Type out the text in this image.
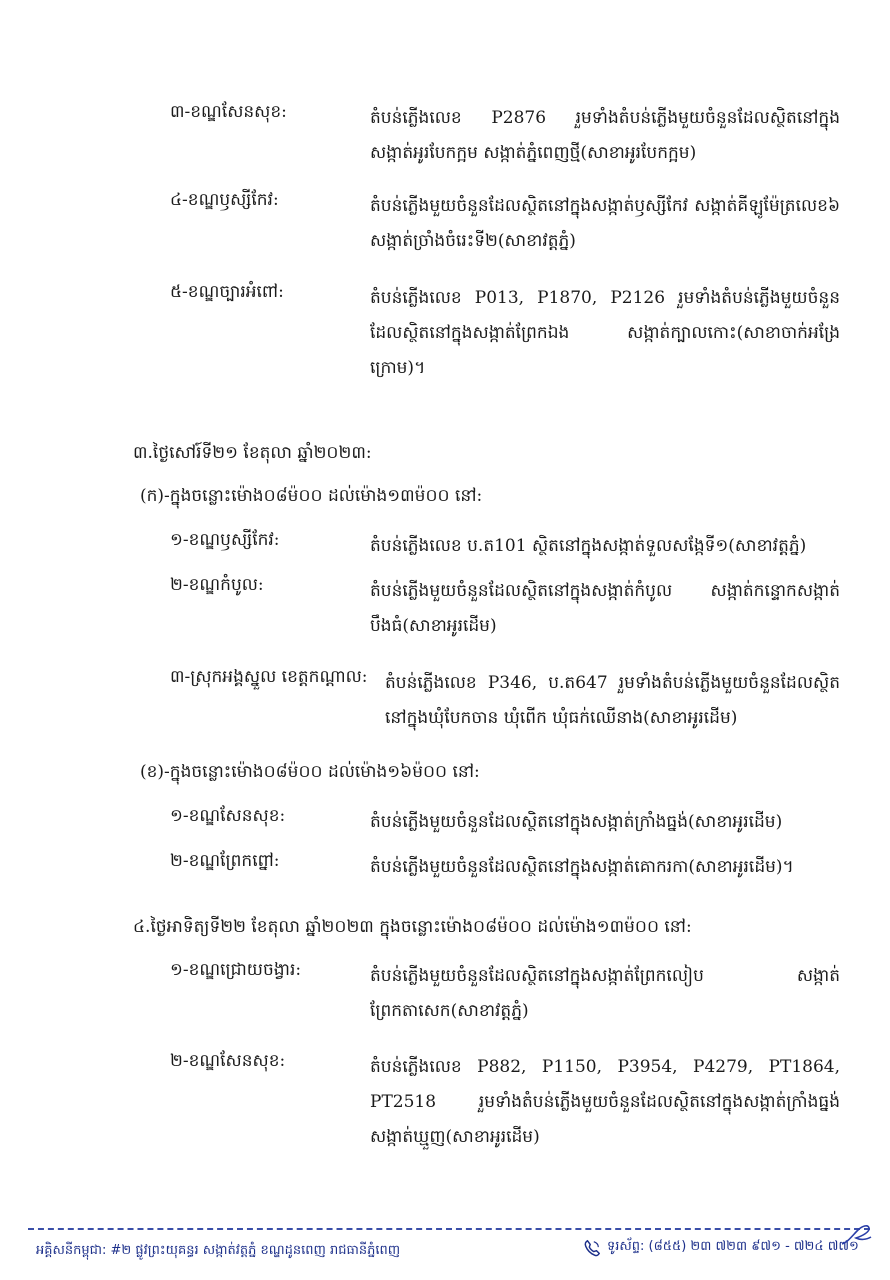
៣-ខណ្ឌសែនសុខ:	តំបន់ភ្លើងលេខ P2876 រួមទាំងតំបន់ភ្លើងមួយចំនួនដែលស្ថិតនៅក្នុងសង្កាត់អូរបែកក្អម សង្កាត់ភ្នំពេញថ្មី(សាខាអូរបែកក្អម)
៤-ខណ្ឌឫស្សីកែវ:	តំបន់ភ្លើងមួយចំនួនដែលស្ថិតនៅក្នុងសង្កាត់ឫស្សីកែវ សង្កាត់គីឡូម៉ែត្រលេខ៦ សង្កាត់ច្រាំងចំរេះទី២(សាខាវត្តភ្នំ)
៥-ខណ្ឌច្បារអំពៅ:	តំបន់ភ្លើងលេខ P013, P1870, P2126 រួមទាំងតំបន់ភ្លើងមួយចំនួនដែលស្ថិតនៅក្នុងសង្កាត់ព្រែកឯង សង្កាត់ក្បាលកោះ(សាខាចាក់អង្រែក្រោម)។
៣.ថ្ងៃសៅរ៍ទី២១ ខែតុលា ឆ្នាំ២០២៣:
(ក)-ក្នុងចន្លោះម៉ោង០៨ម៉០០ ដល់ម៉ោង១៣ម៉០០ នៅ:
១-ខណ្ឌឫស្សីកែវ:	តំបន់ភ្លើងលេខ ប.ត101 ស្ថិតនៅក្នុងសង្កាត់ទួលសង្កែទី១(សាខាវត្តភ្នំ)
២-ខណ្ឌកំបូល:	តំបន់ភ្លើងមួយចំនួនដែលស្ថិតនៅក្នុងសង្កាត់កំបូល សង្កាត់កន្ទោកសង្កាត់បឹងធំ(សាខាអូរដើម)
៣-ស្រុកអង្គស្នួល ខេត្តកណ្តាល: តំបន់ភ្លើងលេខ P346, ប.ត647 រួមទាំងតំបន់ភ្លើងមួយចំនួនដែលស្ថិតនៅក្នុងឃុំបែកចាន ឃុំពើក ឃុំធក់ឈើនាង(សាខាអូរដើម)
(ខ)-ក្នុងចន្លោះម៉ោង០៨ម៉០០ ដល់ម៉ោង១៦ម៉០០ នៅ:
១-ខណ្ឌសែនសុខ:	តំបន់ភ្លើងមួយចំនួនដែលស្ថិតនៅក្នុងសង្កាត់ក្រាំងធ្នង់(សាខាអូរដើម)
២-ខណ្ឌព្រែកព្នៅ:	តំបន់ភ្លើងមួយចំនួនដែលស្ថិតនៅក្នុងសង្កាត់គោករកា(សាខាអូរដើម)។
៤.ថ្ងៃអាទិត្យទី២២ ខែតុលា ឆ្នាំ២០២៣ ក្នុងចន្លោះម៉ោង០៨ម៉០០ ដល់ម៉ោង១៣ម៉០០ នៅ:
១-ខណ្ឌជ្រោយចង្វារ:	តំបន់ភ្លើងមួយចំនួនដែលស្ថិតនៅក្នុងសង្កាត់ព្រែកលៀប សង្កាត់ព្រែកតាសេក(សាខាវត្តភ្នំ)
២-ខណ្ឌសែនសុខ:	តំបន់ភ្លើងលេខ P882, P1150, P3954, P4279, PT1864, PT2518 រួមទាំងតំបន់ភ្លើងមួយចំនួនដែលស្ថិតនៅក្នុងសង្កាត់ក្រាំងធ្នង់ សង្កាត់ឃ្មួញ(សាខាអូរដើម)
អគ្គិសនីកម្ពុជា: #២ ផ្លូវព្រះយុគន្ធរ សង្កាត់វត្តភ្នំ ខណ្ឌដូនពេញ រាជធានីភ្នំពេញ	ទូរស័ព្ទ: (៨៥៥) ២៣ ៧២៣ ៩៧១ - ៧២៤ ៧៧១
